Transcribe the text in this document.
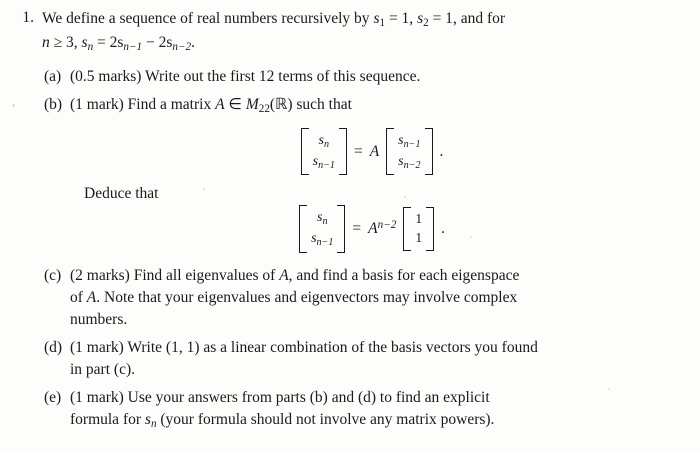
1. We define a sequence of real numbers recursively by $s_1 = 1$, $s_2 = 1$, and for
n ≥ 3, $s_n = 2s_{n-1} - 2s_{n-2}$.
(a) (0.5 marks) Write out the first 12 terms of this sequence.
(b) (1 mark) Find a matrix A ∈ $M_{22}(ℝ)$ such that
$s_n$
$s_{n-1}$
= A
$s_{n-1}$
$s_{n-2}$
.
Deduce that
$s_n$
$s_{n-1}$
= $A^{n-2}$ 1
1
.
(c) (2 marks) Find all eigenvalues of A, and find a basis for each eigenspace
of A. Note that your eigenvalues and eigenvectors may involve complex
numbers.
(d) (1 mark) Write (1, 1) as a linear combination of the basis vectors you found
in part (c).
(e) (1 mark) Use your answers from parts (b) and (d) to find an explicit
formula for $s_n$ (your formula should not involve any matrix powers).
